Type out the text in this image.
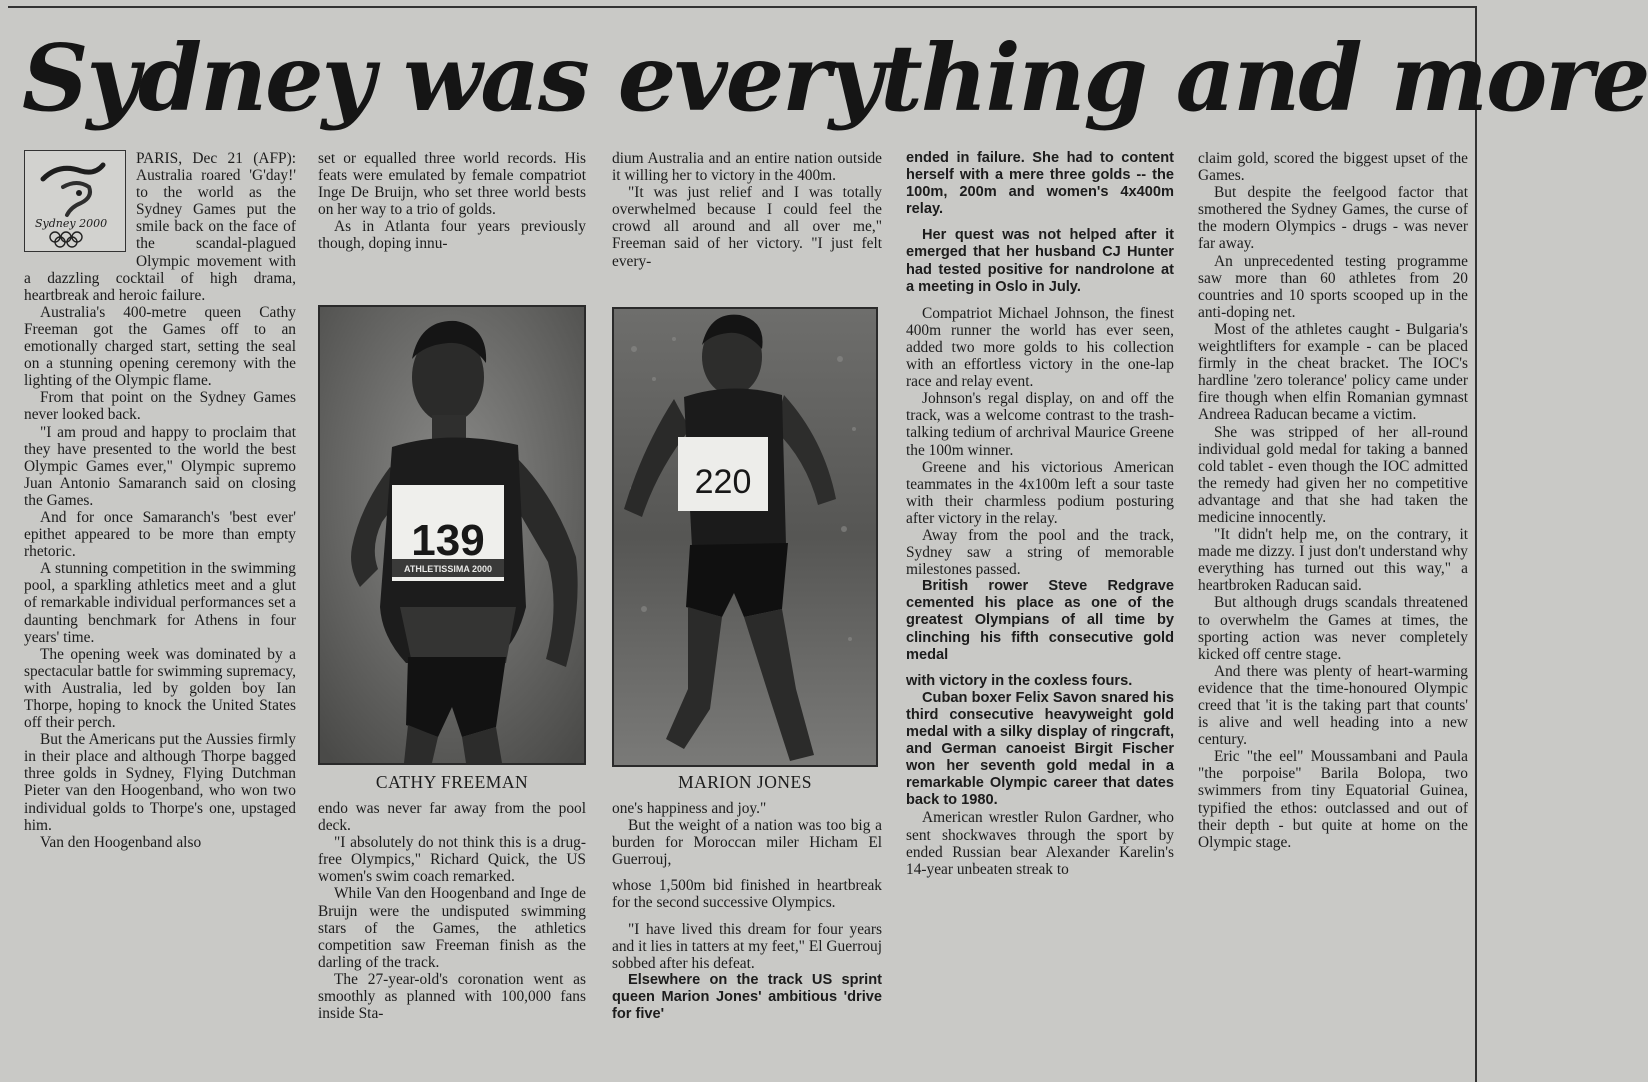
Sydney was everything and more
Sydney 2000

PARIS, Dec 21 (AFP): Australia roared 'G'day!' to the world as the Sydney Games put the smile back on the face of the scandal-plagued Olympic movement with a dazzling cocktail of high drama, heartbreak and heroic failure.

Australia's 400-metre queen Cathy Freeman got the Games off to an emotionally charged start, setting the seal on a stunning opening ceremony with the lighting of the Olympic flame.

From that point on the Sydney Games never looked back.

"I am proud and happy to proclaim that they have presented to the world the best Olympic Games ever," Olympic supremo Juan Antonio Samaranch said on closing the Games.

And for once Samaranch's 'best ever' epithet appeared to be more than empty rhetoric.

A stunning competition in the swimming pool, a sparkling athletics meet and a glut of remarkable individual performances set a daunting benchmark for Athens in four years' time.

The opening week was dominated by a spectacular battle for swimming supremacy, with Australia, led by golden boy Ian Thorpe, hoping to knock the United States off their perch.

But the Americans put the Aussies firmly in their place and although Thorpe bagged three golds in Sydney, Flying Dutchman Pieter van den Hoogenband, who won two individual golds to Thorpe's one, upstaged him.

Van den Hoogenband also

set or equalled three world records. His feats were emulated by female compatriot Inge De Bruijn, who set three world bests on her way to a trio of golds.

As in Atlanta four years previously though, doping innu-

dium Australia and an entire nation outside it willing her to victory in the 400m.

"It was just relief and I was totally overwhelmed because I could feel the crowd all around and all over me," Freeman said of her victory. "I just felt every-

139
ATHLETISSIMA 2000
CATHY FREEMAN
220
MARION JONES

endo was never far away from the pool deck.

"I absolutely do not think this is a drug-free Olympics," Richard Quick, the US women's swim coach remarked.

While Van den Hoogenband and Inge de Bruijn were the undisputed swimming stars of the Games, the athletics competition saw Freeman finish as the darling of the track.

The 27-year-old's coronation went as smoothly as planned with 100,000 fans inside Sta-

one's happiness and joy."

But the weight of a nation was too big a burden for Moroccan miler Hicham El Guerrouj,

whose 1,500m bid finished in heartbreak for the second successive Olympics.

"I have lived this dream for four years and it lies in tatters at my feet," El Guerrouj sobbed after his defeat.

Elsewhere on the track US sprint queen Marion Jones' ambitious 'drive for five'

ended in failure. She had to content herself with a mere three golds -- the 100m, 200m and women's 4x400m relay.

Her quest was not helped after it emerged that her husband CJ Hunter had tested positive for nandrolone at a meeting in Oslo in July.

Compatriot Michael Johnson, the finest 400m runner the world has ever seen, added two more golds to his collection with an effortless victory in the one-lap race and relay event.

Johnson's regal display, on and off the track, was a welcome contrast to the trash-talking tedium of archrival Maurice Greene the 100m winner.

Greene and his victorious American teammates in the 4x100m left a sour taste with their charmless podium posturing after victory in the relay.

Away from the pool and the track, Sydney saw a string of memorable milestones passed.

British rower Steve Redgrave cemented his place as one of the greatest Olympians of all time by clinching his fifth consecutive gold medal

with victory in the coxless fours.

Cuban boxer Felix Savon snared his third consecutive heavyweight gold medal with a silky display of ringcraft, and German canoeist Birgit Fischer won her seventh gold medal in a remarkable Olympic career that dates back to 1980.

American wrestler Rulon Gardner, who sent shockwaves through the sport by ended Russian bear Alexander Karelin's 14-year unbeaten streak to

claim gold, scored the biggest upset of the Games.

But despite the feelgood factor that smothered the Sydney Games, the curse of the modern Olympics - drugs - was never far away.

An unprecedented testing programme saw more than 60 athletes from 20 countries and 10 sports scooped up in the anti-doping net.

Most of the athletes caught - Bulgaria's weightlifters for example - can be placed firmly in the cheat bracket. The IOC's hardline 'zero tolerance' policy came under fire though when elfin Romanian gymnast Andreea Raducan became a victim.

She was stripped of her all-round individual gold medal for taking a banned cold tablet - even though the IOC admitted the remedy had given her no competitive advantage and that she had taken the medicine innocently.

"It didn't help me, on the contrary, it made me dizzy. I just don't understand why everything has turned out this way," a heartbroken Raducan said.

But although drugs scandals threatened to overwhelm the Games at times, the sporting action was never completely kicked off centre stage.

And there was plenty of heart-warming evidence that the time-honoured Olympic creed that 'it is the taking part that counts' is alive and well heading into a new century.

Eric "the eel" Moussambani and Paula "the porpoise" Barila Bolopa, two swimmers from tiny Equatorial Guinea, typified the ethos: outclassed and out of their depth - but quite at home on the Olympic stage.
